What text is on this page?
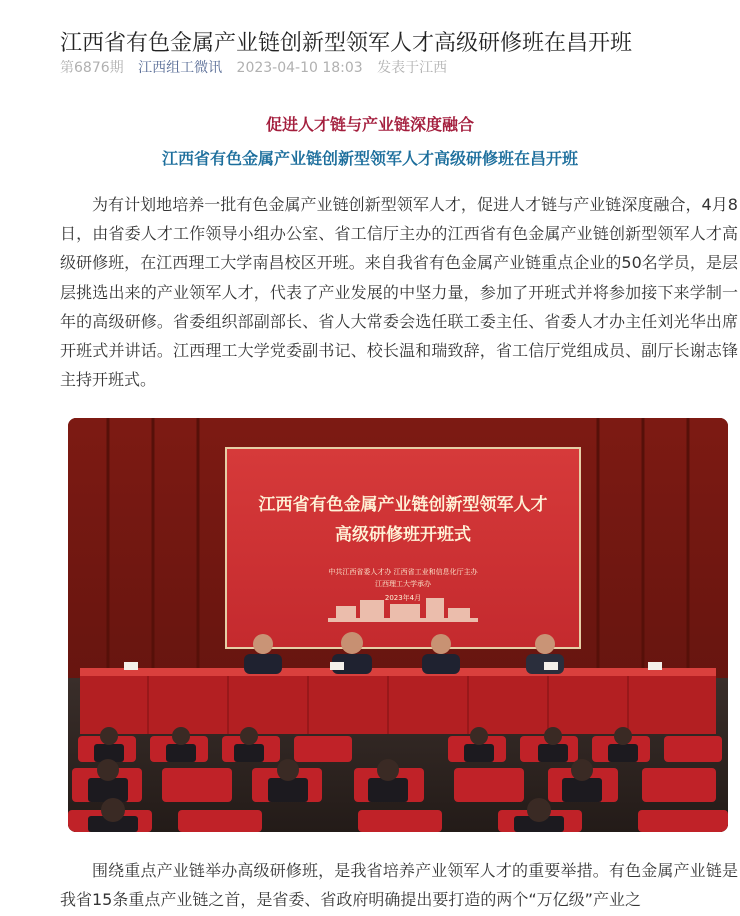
江西省有色金属产业链创新型领军人才高级研修班在昌开班
第6876期 江西组工微讯 2023-04-10 18:03 发表于江西
促进人才链与产业链深度融合
江西省有色金属产业链创新型领军人才高级研修班在昌开班

为有计划地培养一批有色金属产业链创新型领军人才，促进人才链与产业链深度融合，4月8日，由省委人才工作领导小组办公室、省工信厅主办的江西省有色金属产业链创新型领军人才高级研修班，在江西理工大学南昌校区开班。来自我省有色金属产业链重点企业的50名学员，是层层挑选出来的产业领军人才，代表了产业发展的中坚力量，参加了开班式并将参加接下来学制一年的高级研修。省委组织部副部长、省人大常委会选任联工委主任、省委人才办主任刘光华出席开班式并讲话。江西理工大学党委副书记、校长温和瑞致辞，省工信厅党组成员、副厅长谢志锋主持开班式。

江西省有色金属产业链创新型领军人才
高级研修班开班式
中共江西省委人才办 江西省工业和信息化厅主办
江西理工大学承办
2023年4月

围绕重点产业链举办高级研修班，是我省培养产业领军人才的重要举措。有色金属产业链是我省15条重点产业链之首，是省委、省政府明确提出要打造的两个“万亿级”产业之
